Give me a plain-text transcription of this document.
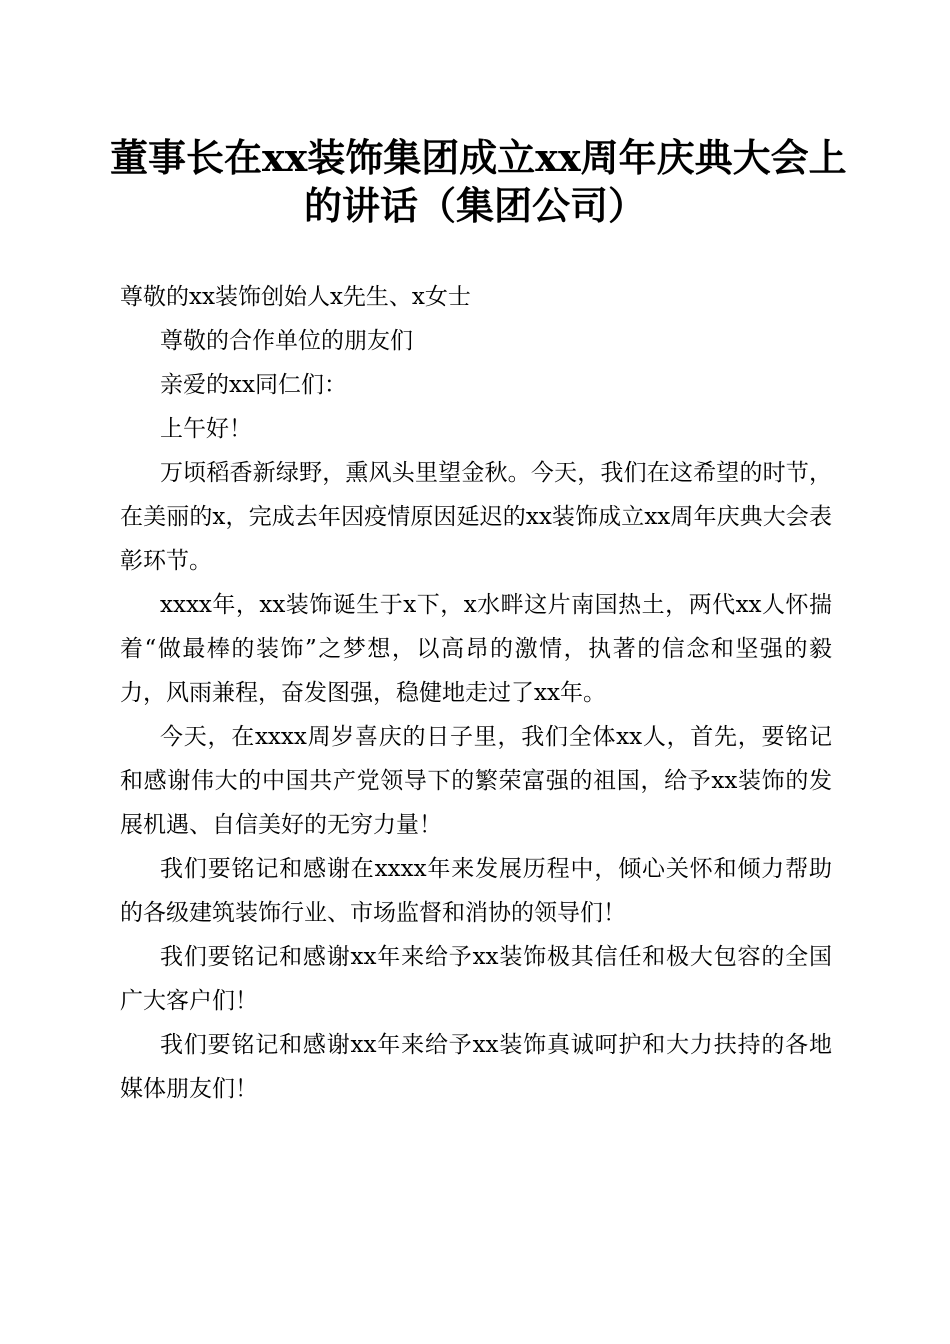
董事长在xx装饰集团成立xx周年庆典大会上
的讲话（集团公司）

尊敬的xx装饰创始人x先生、x女士

尊敬的合作单位的朋友们

亲爱的xx同仁们：

上午好！

万顷稻香新绿野，熏风头里望金秋。今天，我们在这希望的时节，在美丽的x，完成去年因疫情原因延迟的xx装饰成立xx周年庆典大会表彰环节。

xxxx年，xx装饰诞生于x下，x水畔这片南国热土，两代xx人怀揣着“做最棒的装饰”之梦想，以高昂的激情，执著的信念和坚强的毅力，风雨兼程，奋发图强，稳健地走过了xx年。

今天，在xxxx周岁喜庆的日子里，我们全体xx人，首先，要铭记和感谢伟大的中国共产党领导下的繁荣富强的祖国，给予xx装饰的发展机遇、自信美好的无穷力量！

我们要铭记和感谢在xxxx年来发展历程中，倾心关怀和倾力帮助的各级建筑装饰行业、市场监督和消协的领导们！

我们要铭记和感谢xx年来给予xx装饰极其信任和极大包容的全国广大客户们！

我们要铭记和感谢xx年来给予xx装饰真诚呵护和大力扶持的各地媒体朋友们！
